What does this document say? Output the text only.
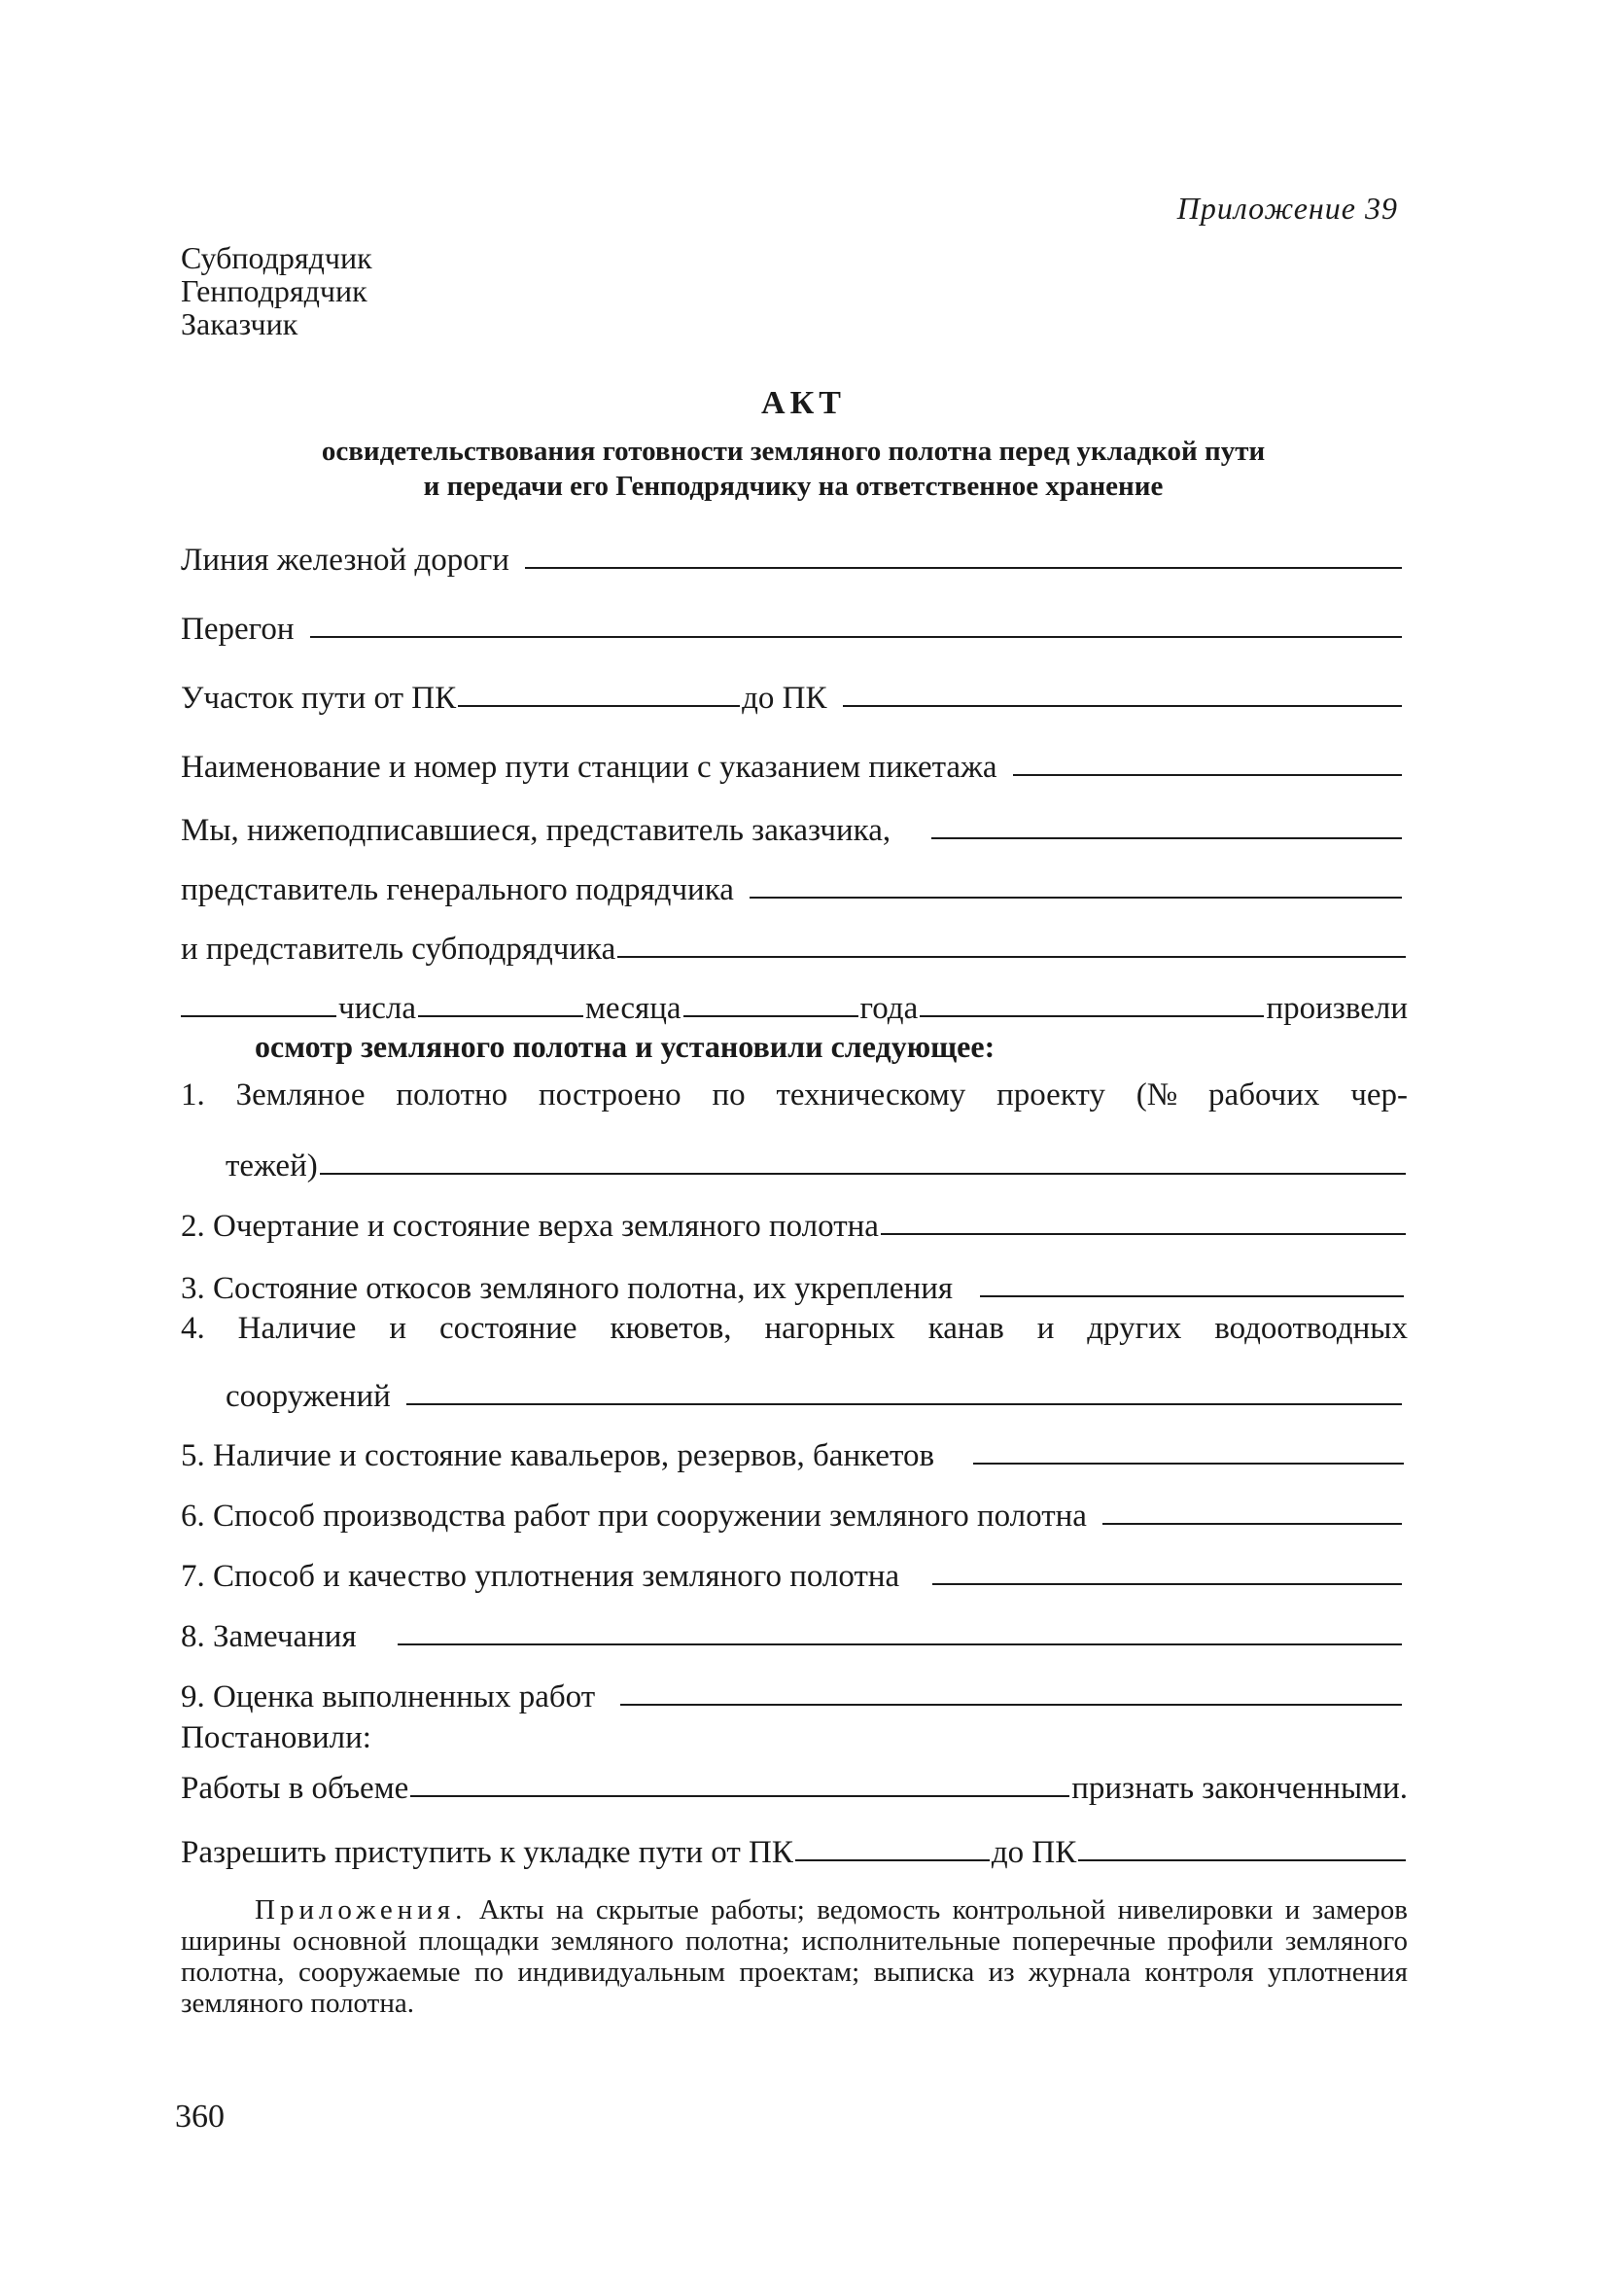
Приложение 39
Субподрядчик
Генподрядчик
Заказчик
АКТ
освидетельствования готовности земляного полотна перед укладкой пути
и передачи его Генподрядчику на ответственное хранение
Линия железной дороги
Перегон
Участок пути от ПК	до ПК
Наименование и номер пути станции с указанием пикетажа
Мы, нижеподписавшиеся, представитель заказчика,
представитель генерального подрядчика
и представитель субподрядчика
числа	месяца	года	произвели
осмотр земляного полотна и установили следующее:
1. Земляное полотно построено по техническому проекту (№ рабочих чер-
тежей)
2. Очертание и состояние верха земляного полотна
3. Состояние откосов земляного полотна, их укрепления
4. Наличие и состояние кюветов, нагорных канав и других водоотводных
сооружений
5. Наличие и состояние кавальеров, резервов, банкетов
6. Способ производства работ при сооружении земляного полотна
7. Способ и качество уплотнения земляного полотна
8. Замечания
9. Оценка выполненных работ
Постановили:
Работы в объеме	признать законченными.
Разрешить приступить к укладке пути от ПК	до ПК
Приложения. Акты на скрытые работы; ведомость контрольной нивелировки и замеров ширины основной площадки земляного полотна; исполнительные поперечные профили земляного полотна, сооружаемые по индивидуальным проектам; выписка из журнала контроля уплотнения земляного полотна.
360
